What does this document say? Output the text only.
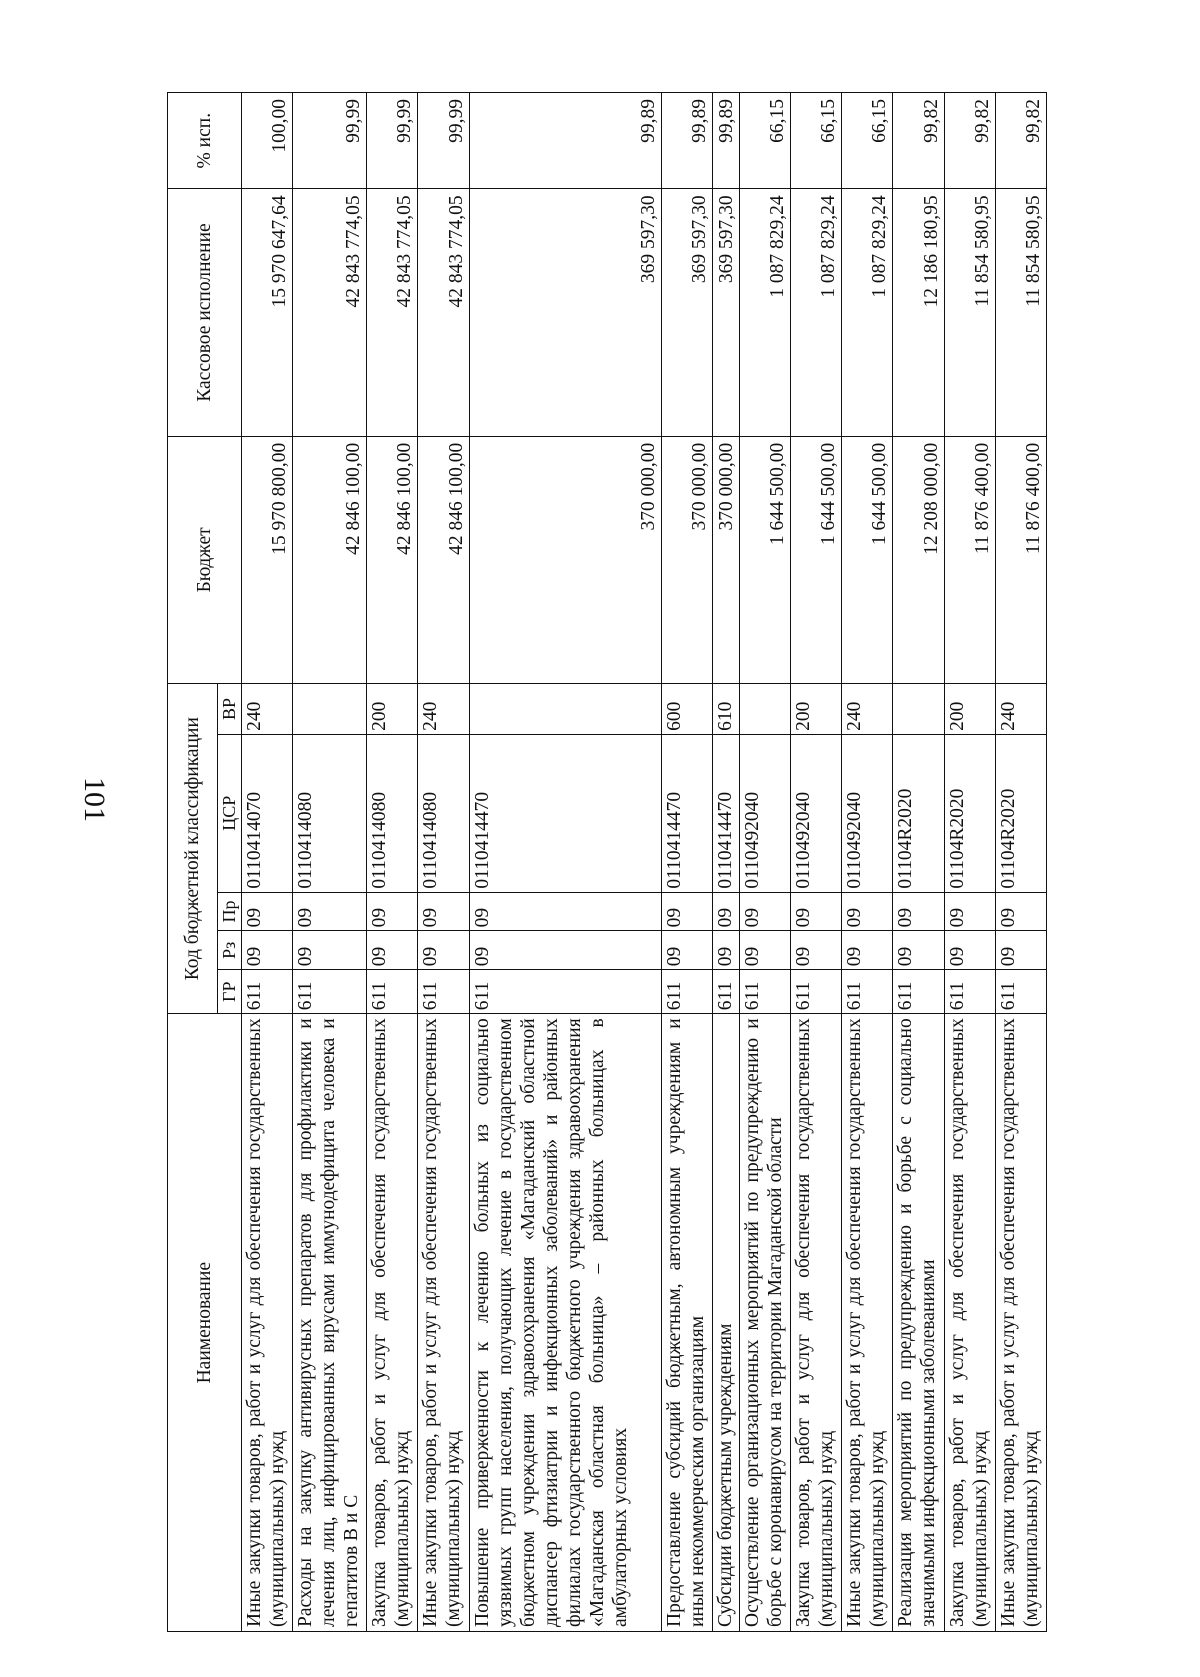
101
Наименование	Код бюджетной классификации					Бюджет	Кассовое исполнение	% исп.
	ГР	Рз	Пр	ЦСР	ВР			
Иные закупки товаров, работ и услуг для обеспечения государственных (муниципальных) нужд	611	09	09	0110414070	240	15 970 800,00	15 970 647,64	100,00
Расходы на закупку антивирусных препаратов для профилактики и лечения лиц, инфицированных вирусами иммунодефицита человека и гепатитов В и С	611	09	09	0110414080		42 846 100,00	42 843 774,05	99,99
Закупка товаров, работ и услуг для обеспечения государственных (муниципальных) нужд	611	09	09	0110414080	200	42 846 100,00	42 843 774,05	99,99
Иные закупки товаров, работ и услуг для обеспечения государственных (муниципальных) нужд	611	09	09	0110414080	240	42 846 100,00	42 843 774,05	99,99
Повышение приверженности к лечению больных из социально уязвимых групп населения, получающих лечение в государственном бюджетном учреждении здравоохранения «Магаданский областной диспансер фтизиатрии и инфекционных заболеваний» и районных филиалах государственного бюджетного учреждения здравоохранения «Магаданская областная больница» – районных больницах в амбулаторных условиях	611	09	09	0110414470		370 000,00	369 597,30	99,89
Предоставление субсидий бюджетным, автономным учреждениям и иным некоммерческим организациям	611	09	09	0110414470	600	370 000,00	369 597,30	99,89
Субсидии бюджетным учреждениям	611	09	09	0110414470	610	370 000,00	369 597,30	99,89
Осуществление организационных мероприятий по предупреждению и борьбе с коронавирусом на территории Магаданской области	611	09	09	0110492040		1 644 500,00	1 087 829,24	66,15
Закупка товаров, работ и услуг для обеспечения государственных (муниципальных) нужд	611	09	09	0110492040	200	1 644 500,00	1 087 829,24	66,15
Иные закупки товаров, работ и услуг для обеспечения государственных (муниципальных) нужд	611	09	09	0110492040	240	1 644 500,00	1 087 829,24	66,15
Реализация мероприятий по предупреждению и борьбе с социально значимыми инфекционными заболеваниями	611	09	09	01104R2020		12 208 000,00	12 186 180,95	99,82
Закупка товаров, работ и услуг для обеспечения государственных (муниципальных) нужд	611	09	09	01104R2020	200	11 876 400,00	11 854 580,95	99,82
Иные закупки товаров, работ и услуг для обеспечения государственных (муниципальных) нужд	611	09	09	01104R2020	240	11 876 400,00	11 854 580,95	99,82
